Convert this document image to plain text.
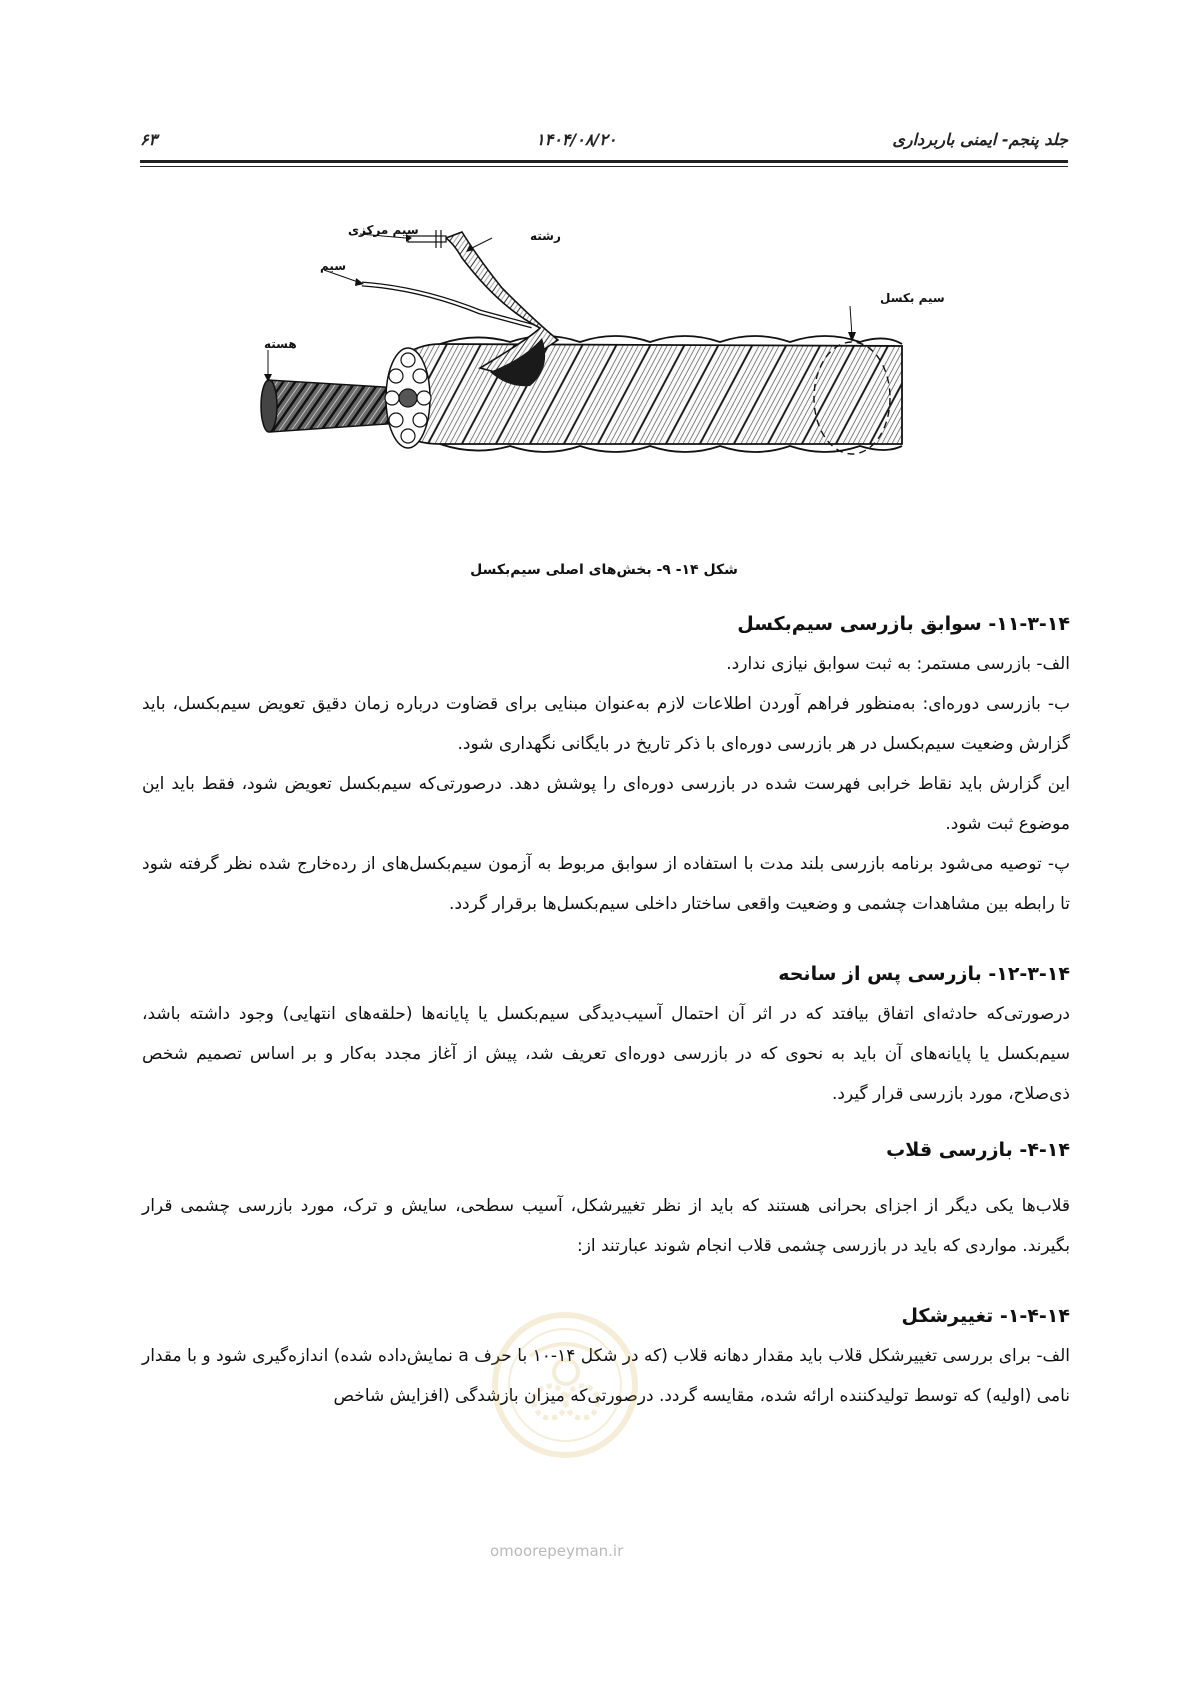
جلد پنجم- ایمنی باربرداری
۱۴۰۴/۰۸/۲۰
۶۳
سیم مرکزی	رشته
سیم
هسته
سیم بکسل
شکل ۱۴- ۹- بخش‌های اصلی سیم‌بکسل
۱۱-۳-۱۴- سوابق بازرسی سیم‌بکسل

الف- بازرسی مستمر: به ثبت سوابق نیازی ندارد.

ب- بازرسی دوره‌ای: به‌منظور فراهم آوردن اطلاعات لازم به‌عنوان مبنایی برای قضاوت درباره زمان دقیق تعویض سیم‌بکسل، باید گزارش وضعیت سیم‌بکسل در هر بازرسی دوره‌ای با ذکر تاریخ در بایگانی نگهداری شود.

این گزارش باید نقاط خرابی فهرست شده در بازرسی دوره‌ای را پوشش دهد. درصورتی‌که سیم‌بکسل تعویض شود، فقط باید این موضوع ثبت شود.

پ- توصیه می‌شود برنامه بازرسی بلند مدت با استفاده از سوابق مربوط به آزمون سیم‌بکسل‌های از رده‌خارج شده نظر گرفته شود تا رابطه بین مشاهدات چشمی و وضعیت واقعی ساختار داخلی سیم‌بکسل‌ها برقرار گردد.

۱۲-۳-۱۴- بازرسی پس از سانحه

درصورتی‌که حادثه‌ای اتفاق بیافتد که در اثر آن احتمال آسیب‌دیدگی سیم‌بکسل یا پایانه‌ها (حلقه‌های انتهایی) وجود داشته باشد، سیم‌بکسل یا پایانه‌های آن باید به نحوی که در بازرسی دوره‌ای تعریف شد، پیش از آغاز مجدد به‌کار و بر اساس تصمیم شخص ذی‌صلاح، مورد بازرسی قرار گیرد.

۴-۱۴- بازرسی قلاب

قلاب‌ها یکی دیگر از اجزای بحرانی هستند که باید از نظر تغییرشکل، آسیب سطحی، سایش و ترک، مورد بازرسی چشمی قرار بگیرند. مواردی که باید در بازرسی چشمی قلاب انجام شوند عبارتند از:

۱-۴-۱۴- تغییرشکل

الف- برای بررسی تغییرشکل قلاب باید مقدار دهانه قلاب (که در شکل ۱۴-۱۰ با حرف a نمایش‌داده شده) اندازه‌گیری شود و با مقدار نامی (اولیه) که توسط تولیدکننده ارائه شده، مقایسه گردد. درصورتی‌که میزان بازشدگی (افزایش شاخص

omoorepeyman.ir
